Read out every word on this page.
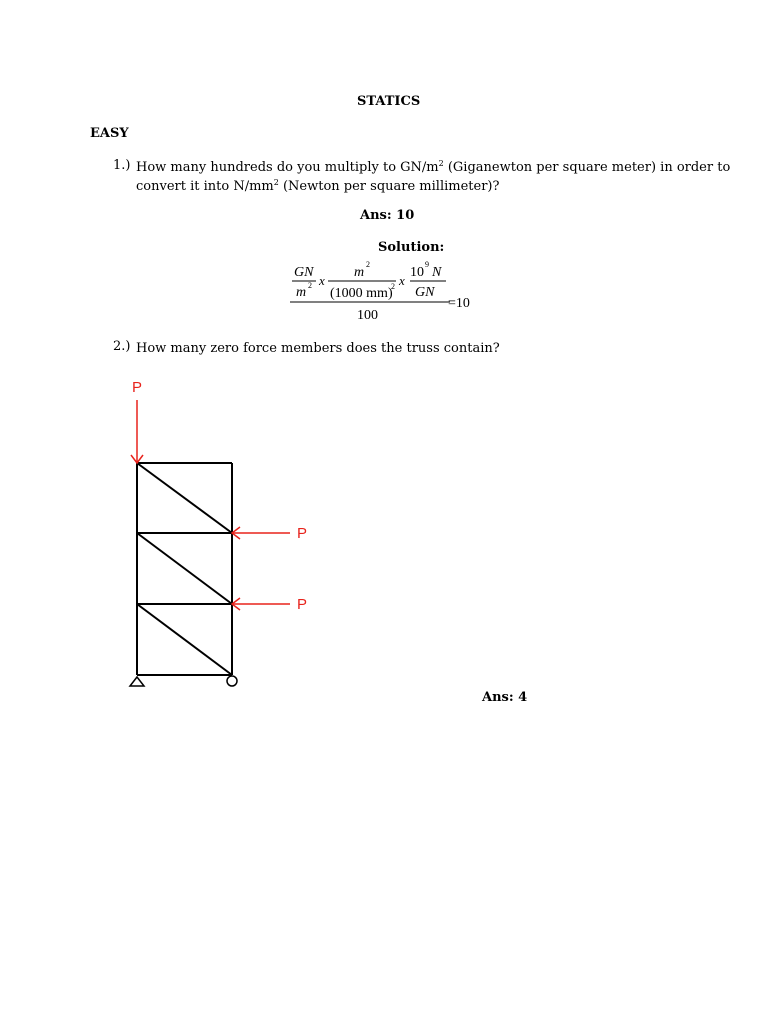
STATICS
EASY
1.) How many hundreds do you multiply to $GN/m^2$ (Giganewton per square meter) in order to
convert it into $N/mm^2$ (Newton per square millimeter)?
Ans: 10
Solution:
GN
m 2 x
m
2
(1000 mm)
2 x
10
9
N
GN
=10
100
2.) How many zero force members does the truss contain?
P
P
P
Ans: 4
